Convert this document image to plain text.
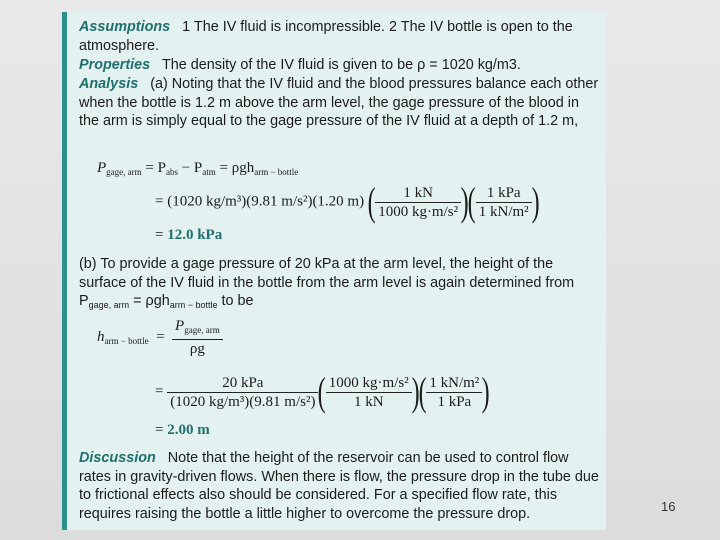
Assumptions 1 The IV fluid is incompressible. 2 The IV bottle is open to the atmosphere.
Properties The density of the IV fluid is given to be ρ = 1020 kg/m3.
Analysis (a) Noting that the IV fluid and the blood pressures balance each other when the bottle is 1.2 m above the arm level, the gage pressure of the blood in the arm is simply equal to the gage pressure of the IV fluid at a depth of 1.2 m,
$P_{gage, arm} = P_{abs} - P_{atm} = \rho gh_{arm - bottle}$
= (1020 kg/m³)(9.81 m/s²)(1.20 m) ( $\frac{1 kN}{\text{1000 kg·m/s²}}$ )( $\frac{\text{1 kPa}}{\text{1 kN/m²}}$ )
= 12.0 kPa
(b) To provide a gage pressure of 20 kPa at the arm level, the height of the surface of the IV fluid in the bottle from the arm level is again determined from $P_{gage, arm} = \rho gh_{arm - bottle}$ to be
$h_{arm - bottle} = \frac{P_{gage, arm}}{\rho g}$
= $\frac{\text{20 kPa}}{\text{(1020 kg/m³)(9.81 m/s²)}}$ ( $\frac{\text{1000 kg·m/s²}}{1 kN}$ )( $\frac{\text{1 kN/m²}}{\text{1 kPa}}$ )
= 2.00 m
Discussion Note that the height of the reservoir can be used to control flow rates in gravity-driven flows. When there is flow, the pressure drop in the tube due to frictional effects also should be considered. For a specified flow rate, this requires raising the bottle a little higher to overcome the pressure drop.	16
